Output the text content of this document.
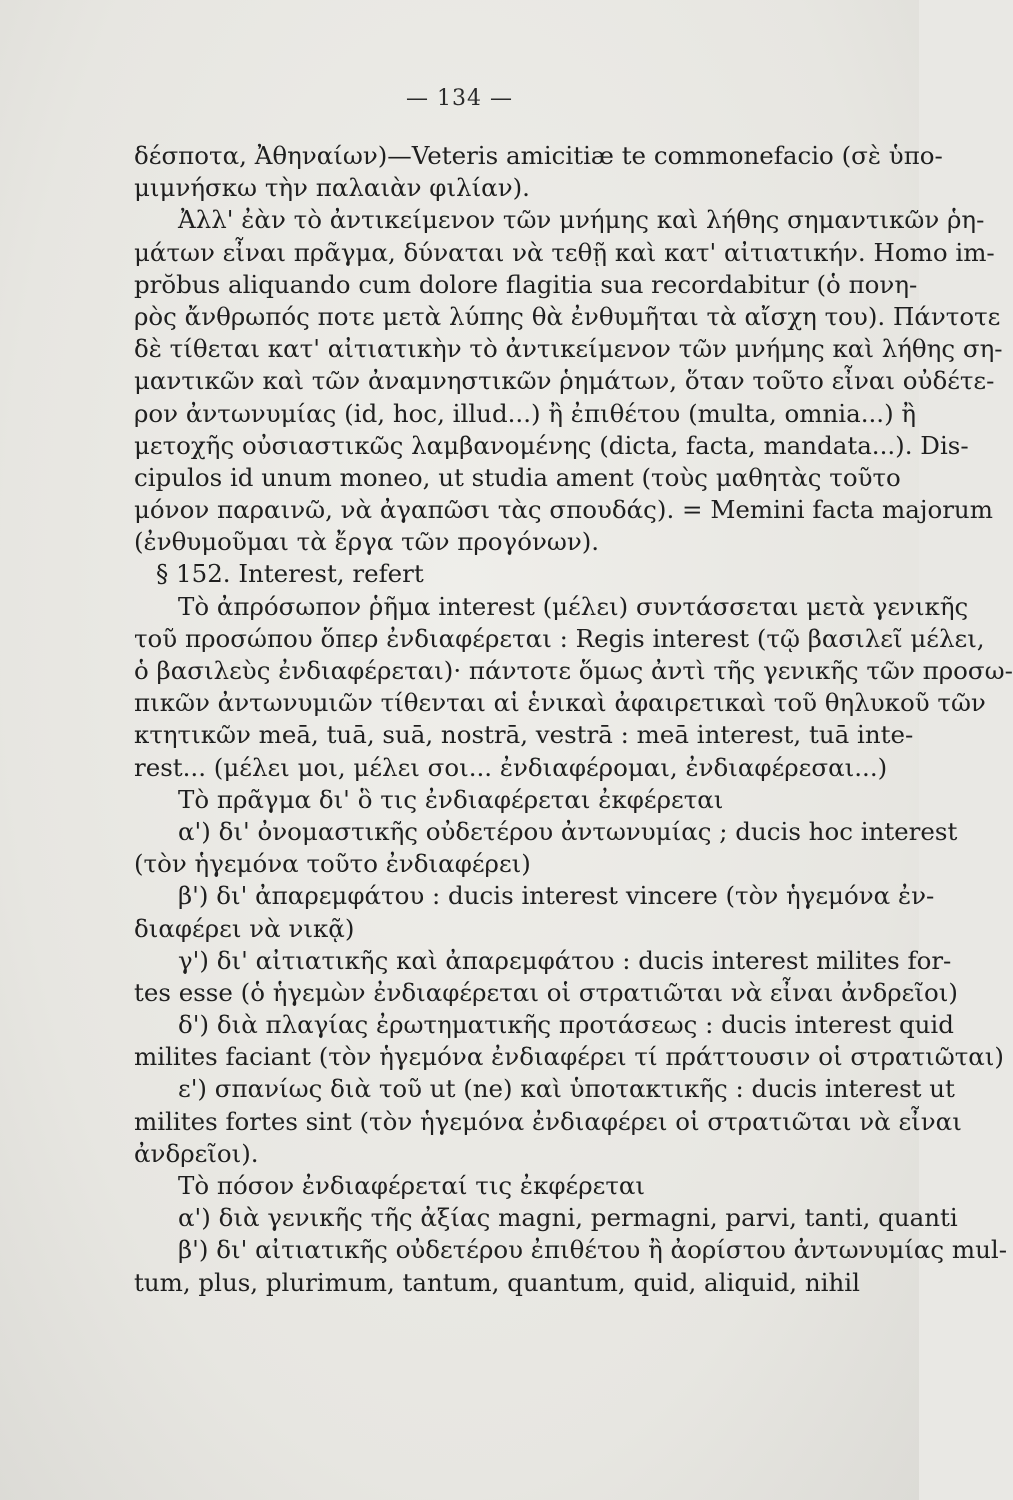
— 134 —
δέσποτα, Ἀθηναίων)—Veteris amicitiæ te commonefacio (σὲ ὑπο-
μιμνήσκω τὴν παλαιὰν φιλίαν).
Ἀλλ' ἐὰν τὸ ἀντικείμενον τῶν μνήμης καὶ λήθης σημαντικῶν ῥη-
μάτων εἶναι πρᾶγμα, δύναται νὰ τεθῇ καὶ κατ' αἰτιατικήν. Homo im-
prŏbus aliquando cum dolore flagitia sua recordabitur (ὁ πονη-
ρὸς ἄνθρωπός ποτε μετὰ λύπης θὰ ἐνθυμῆται τὰ αἴσχη του). Πάντοτε
δὲ τίθεται κατ' αἰτιατικὴν τὸ ἀντικείμενον τῶν μνήμης καὶ λήθης ση-
μαντικῶν καὶ τῶν ἀναμνηστικῶν ῥημάτων, ὅταν τοῦτο εἶναι οὐδέτε-
ρον ἀντωνυμίας (id, hoc, illud...) ἢ ἐπιθέτου (multa, omnia...) ἢ
μετοχῆς οὐσιαστικῶς λαμβανομένης (dicta, facta, mandata...). Dis-
cipulos id unum moneo, ut studia ament (τοὺς μαθητὰς τοῦτο
μόνον παραινῶ, νὰ ἀγαπῶσι τὰς σπουδάς). = Memini facta majorum
(ἐνθυμοῦμαι τὰ ἔργα τῶν προγόνων).
§ 152. Interest, refert
Τὸ ἀπρόσωπον ῥῆμα interest (μέλει) συντάσσεται μετὰ γενικῆς
τοῦ προσώπου ὅπερ ἐνδιαφέρεται : Regis interest (τῷ βασιλεῖ μέλει,
ὁ βασιλεὺς ἐνδιαφέρεται)· πάντοτε ὅμως ἀντὶ τῆς γενικῆς τῶν προσω-
πικῶν ἀντωνυμιῶν τίθενται αἱ ἑνικαὶ ἀφαιρετικαὶ τοῦ θηλυκοῦ τῶν
κτητικῶν meā, tuā, suā, nostrā, vestrā : meā interest, tuā inte-
rest... (μέλει μοι, μέλει σοι... ἐνδιαφέρομαι, ἐνδιαφέρεσαι...)
Τὸ πρᾶγμα δι' ὃ τις ἐνδιαφέρεται ἐκφέρεται
α') δι' ὀνομαστικῆς οὐδετέρου ἀντωνυμίας ; ducis hoc interest
(τὸν ἡγεμόνα τοῦτο ἐνδιαφέρει)
β') δι' ἀπαρεμφάτου : ducis interest vincere (τὸν ἡγεμόνα ἐν-
διαφέρει νὰ νικᾷ)
γ') δι' αἰτιατικῆς καὶ ἀπαρεμφάτου : ducis interest milites for-
tes esse (ὁ ἡγεμὼν ἐνδιαφέρεται οἱ στρατιῶται νὰ εἶναι ἀνδρεῖοι)
δ') διὰ πλαγίας ἐρωτηματικῆς προτάσεως : ducis interest quid
milites faciant (τὸν ἡγεμόνα ἐνδιαφέρει τί πράττουσιν οἱ στρατιῶται)
ε') σπανίως διὰ τοῦ ut (ne) καὶ ὑποτακτικῆς : ducis interest ut
milites fortes sint (τὸν ἡγεμόνα ἐνδιαφέρει οἱ στρατιῶται νὰ εἶναι
ἀνδρεῖοι).
Τὸ πόσον ἐνδιαφέρεταί τις ἐκφέρεται
α') διὰ γενικῆς τῆς ἀξίας magni, permagni, parvi, tanti, quanti
β') δι' αἰτιατικῆς οὐδετέρου ἐπιθέτου ἢ ἀορίστου ἀντωνυμίας mul-
tum, plus, plurimum, tantum, quantum, quid, aliquid, nihil
